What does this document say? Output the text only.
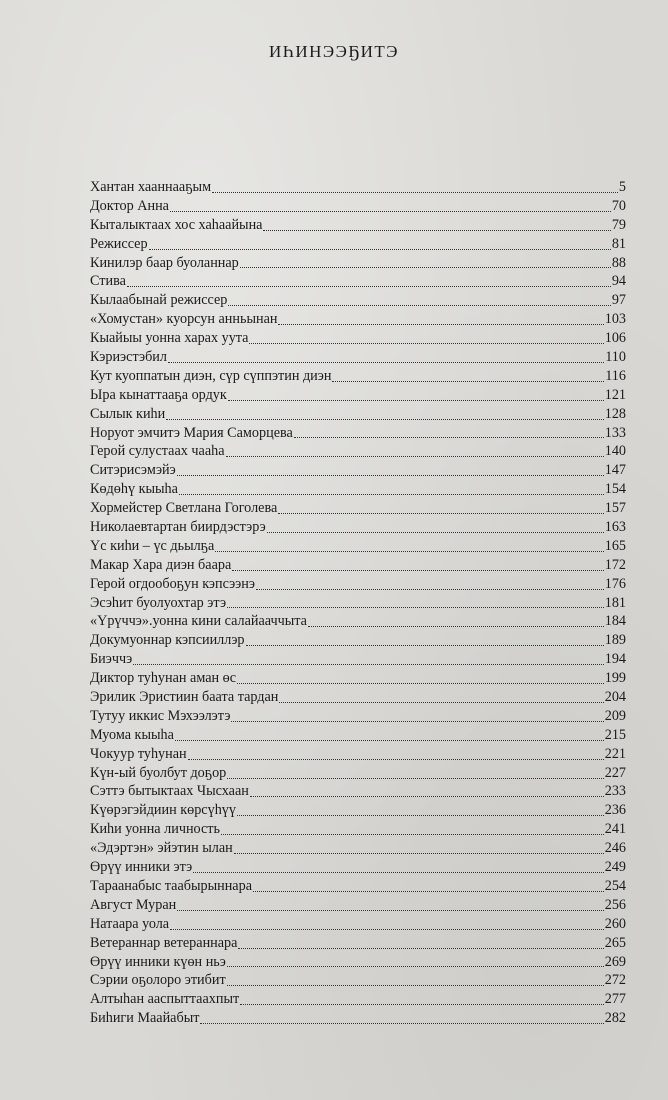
ИҺИНЭЭҔИТЭ
Хантан хааннааҕым	5
Доктор Анна	70
Кыталыктаах хос хаһаайына	79
Режиссер	81
Кинилэр баар буоланнар	88
Стива	94
Кылаабынай режиссер	97
«Хомустан» куорсун анньынан	103
Кыайыы уонна харах уута	106
Кэриэстэбил	110
Кут куоппатын диэн, сүр сүппэтин диэн	116
Ыра кынаттааҕа ордук	121
Сылык киһи	128
Норуот эмчитэ Мария Саморцева	133
Герой сулустаах чааһа	140
Ситэрисэмэйэ	147
Көдөһү кыыһа	154
Хормейстер Светлана Гоголева	157
Николаевтартан биирдэстэрэ	163
Үс киһи – үс дьылҕа	165
Макар Хара диэн баара	172
Герой огдообоҕун кэпсээнэ	176
Эсэһит буолуохтар этэ	181
«Үрүччэ».уонна кини салайааччыта	184
Докумуоннар кэпсииллэр	189
Биэччэ	194
Диктор туһунан аман өс	199
Эрилик Эристиин баата тардан	204
Тутуу иккис Мэхээлэтэ	209
Муома кыыһа	215
Чокуур туһунан	221
Күн-ый буолбут доҕор	227
Сэттэ бытыктаах Чысхаан	233
Күөрэгэйдиин көрсүһүү	236
Киһи уонна личность	241
«Эдэртэн» эйэтин ылан	246
Өрүү инники этэ	249
Тараанабыс таабырыннара	254
Август Муран	256
Натаара уола	260
Ветераннар ветераннара	265
Өрүү инники күөн ньэ	269
Сэрии оҕолоро этибит	272
Алтыһан ааспыттаахпыт	277
Биһиги Маайабыт	282
